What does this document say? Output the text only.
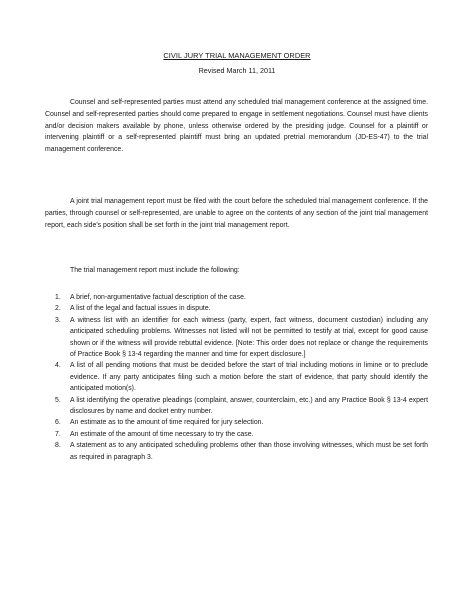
CIVIL JURY TRIAL MANAGEMENT ORDER
Revised March 11, 2011

Counsel and self-represented parties must attend any scheduled trial management conference at the assigned time. Counsel and self-represented parties should come prepared to engage in settlement negotiations. Counsel must have clients and/or decision makers available by phone, unless otherwise ordered by the presiding judge. Counsel for a plaintiff or intervening plaintiff or a self-represented plaintiff must bring an updated pretrial memorandum (JD-ES-47) to the trial management conference.

A joint trial management report must be filed with the court before the scheduled trial management conference. If the parties, through counsel or self-represented, are unable to agree on the contents of any section of the joint trial management report, each side's position shall be set forth in the joint trial management report.

The trial management report must include the following:

1. A brief, non-argumentative factual description of the case.
2. A list of the legal and factual issues in dispute.
3. A witness list with an identifier for each witness (party, expert, fact witness, document custodian) including any anticipated scheduling problems. Witnesses not listed will not be permitted to testify at trial, except for good cause shown or if the witness will provide rebuttal evidence. [Note: This order does not replace or change the requirements of Practice Book § 13-4 regarding the manner and time for expert disclosure.]
4. A list of all pending motions that must be decided before the start of trial including motions in limine or to preclude evidence. If any party anticipates filing such a motion before the start of evidence, that party should identify the anticipated motion(s).
5. A list identifying the operative pleadings (complaint, answer, counterclaim, etc.) and any Practice Book § 13-4 expert disclosures by name and docket entry number.
6. An estimate as to the amount of time required for jury selection.
7. An estimate of the amount of time necessary to try the case.
8. A statement as to any anticipated scheduling problems other than those involving witnesses, which must be set forth as required in paragraph 3.
